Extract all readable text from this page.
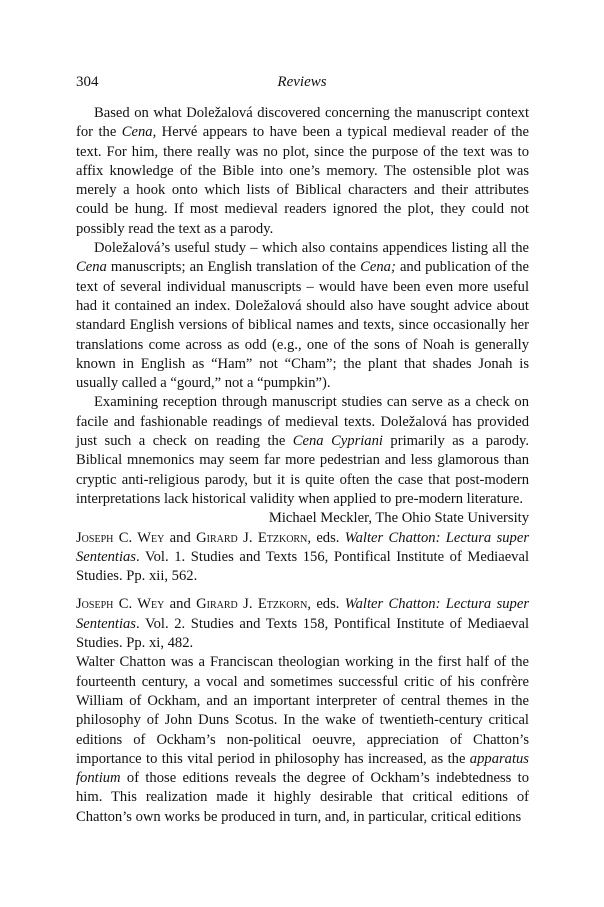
304	Reviews

Based on what Doležalová discovered concerning the manuscript context for the Cena, Hervé appears to have been a typical medieval reader of the text. For him, there really was no plot, since the purpose of the text was to affix knowledge of the Bible into one’s memory. The ostensible plot was merely a hook onto which lists of Biblical characters and their attributes could be hung. If most medieval readers ignored the plot, they could not possibly read the text as a parody.

Doležalová’s useful study – which also contains appendices listing all the Cena manuscripts; an English translation of the Cena; and publication of the text of several individual manuscripts – would have been even more useful had it contained an index. Doležalová should also have sought advice about standard English versions of biblical names and texts, since occasionally her translations come across as odd (e.g., one of the sons of Noah is generally known in English as “Ham” not “Cham”; the plant that shades Jonah is usually called a “gourd,” not a “pumpkin”).

Examining reception through manuscript studies can serve as a check on facile and fashionable readings of medieval texts. Doležalová has provided just such a check on reading the Cena Cypriani primarily as a parody. Biblical mnemonics may seem far more pedestrian and less glamorous than cryptic anti-religious parody, but it is quite often the case that post-modern interpretations lack historical validity when applied to pre-modern literature.

Michael Meckler, The Ohio State University

Joseph C. Wey and Girard J. Etzkorn, eds. Walter Chatton: Lectura super Sententias. Vol. 1. Studies and Texts 156, Pontifical Institute of Mediaeval Studies. Pp. xii, 562.

Joseph C. Wey and Girard J. Etzkorn, eds. Walter Chatton: Lectura super Sententias. Vol. 2. Studies and Texts 158, Pontifical Institute of Mediaeval Studies. Pp. xi, 482.

Walter Chatton was a Franciscan theologian working in the first half of the fourteenth century, a vocal and sometimes successful critic of his confrère William of Ockham, and an important interpreter of central themes in the philosophy of John Duns Scotus. In the wake of twentieth-century critical editions of Ockham’s non-political oeuvre, appreciation of Chatton’s importance to this vital period in philosophy has increased, as the apparatus fontium of those editions reveals the degree of Ockham’s indebtedness to him. This realization made it highly desirable that critical editions of Chatton’s own works be produced in turn, and, in particular, critical editions
